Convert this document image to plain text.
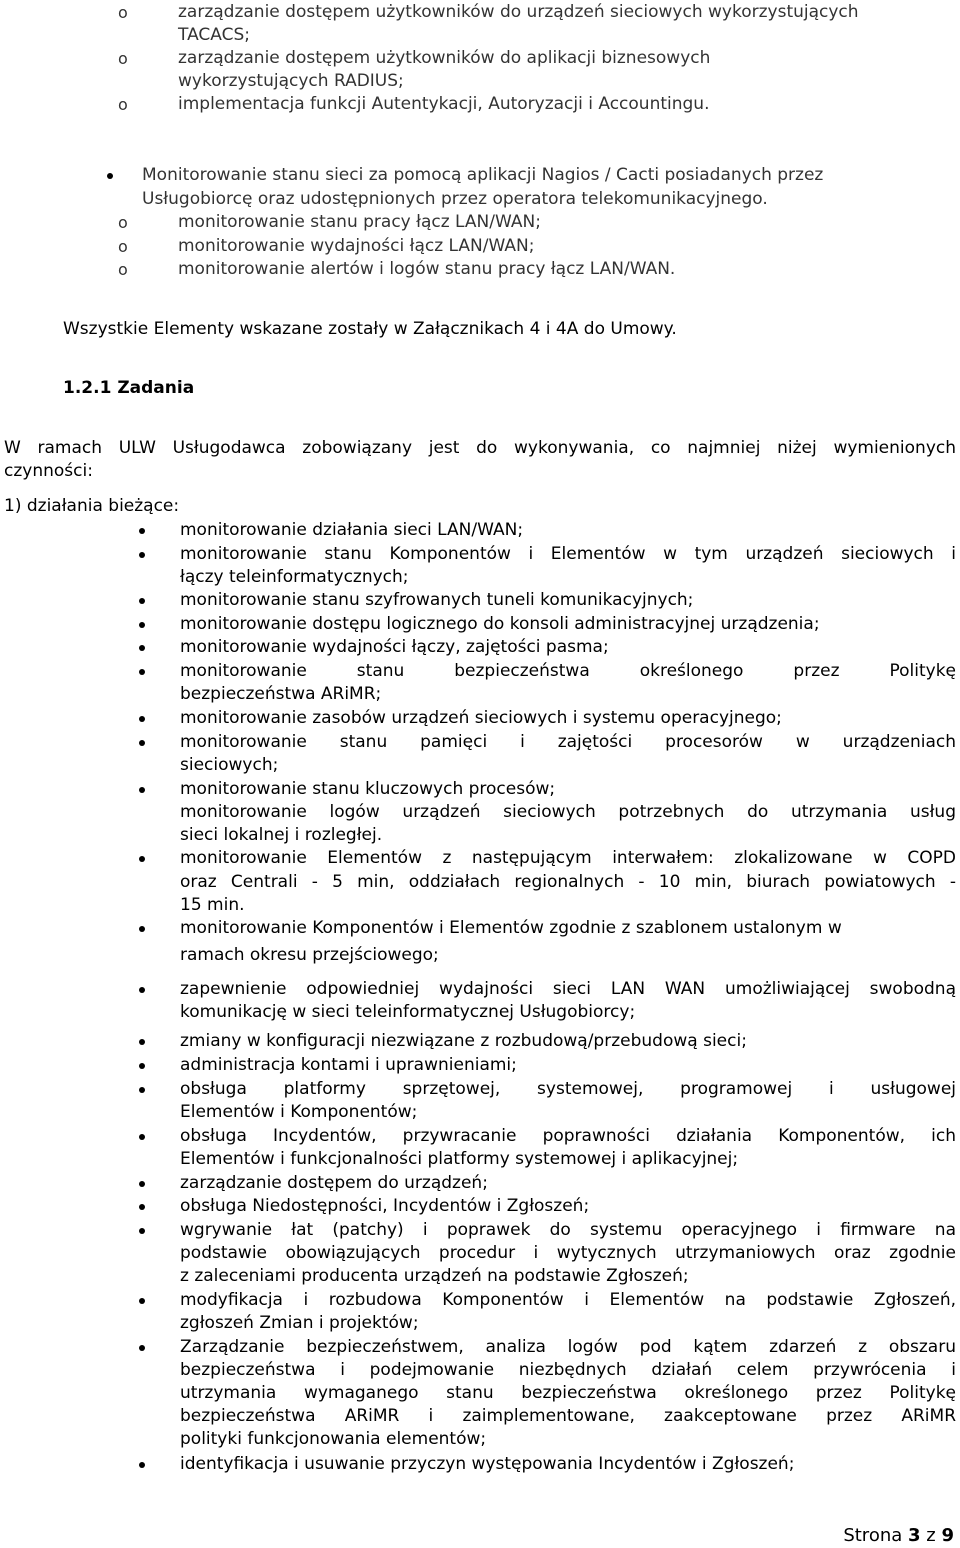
o	zarządzanie dostępem użytkowników do urządzeń sieciowych wykorzystujących
TACACS;
o	zarządzanie dostępem użytkowników do aplikacji biznesowych
wykorzystujących RADIUS;
o	implementacja funkcji Autentykacji, Autoryzacji i Accountingu.
Monitorowanie stanu sieci za pomocą aplikacji Nagios / Cacti posiadanych przez
Usługobiorcę oraz udostępnionych przez operatora telekomunikacyjnego.
o	monitorowanie stanu pracy łącz LAN/WAN;
o	monitorowanie wydajności łącz LAN/WAN;
o	monitorowanie alertów i logów stanu pracy łącz LAN/WAN.
Wszystkie Elementy wskazane zostały w Załącznikach 4 i 4A do Umowy.
1.2.1 Zadania
W ramach ULW Usługodawca zobowiązany jest do wykonywania, co najmniej niżej wymienionych
czynności:
1) działania bieżące:
monitorowanie działania sieci LAN/WAN;
monitorowanie stanu Komponentów i Elementów w tym urządzeń sieciowych i
łączy teleinformatycznych;
monitorowanie stanu szyfrowanych tuneli komunikacyjnych;
monitorowanie dostępu logicznego do konsoli administracyjnej urządzenia;
monitorowanie wydajności łączy, zajętości pasma;
monitorowanie stanu bezpieczeństwa określonego przez Politykę
bezpieczeństwa ARiMR;
monitorowanie zasobów urządzeń sieciowych i systemu operacyjnego;
monitorowanie stanu pamięci i zajętości procesorów w urządzeniach
sieciowych;
monitorowanie stanu kluczowych procesów;
monitorowanie logów urządzeń sieciowych potrzebnych do utrzymania usług
sieci lokalnej i rozległej.
monitorowanie Elementów z następującym interwałem: zlokalizowane w COPD
oraz Centrali - 5 min, oddziałach regionalnych - 10 min, biurach powiatowych -
15 min.
monitorowanie Komponentów i Elementów zgodnie z szablonem ustalonym w
ramach okresu przejściowego;
zapewnienie odpowiedniej wydajności sieci LAN WAN umożliwiającej swobodną
komunikację w sieci teleinformatycznej Usługobiorcy;
zmiany w konfiguracji niezwiązane z rozbudową/przebudową sieci;
administracja kontami i uprawnieniami;
obsługa platformy sprzętowej, systemowej, programowej i usługowej
Elementów i Komponentów;
obsługa Incydentów, przywracanie poprawności działania Komponentów, ich
Elementów i funkcjonalności platformy systemowej i aplikacyjnej;
zarządzanie dostępem do urządzeń;
obsługa Niedostępności, Incydentów i Zgłoszeń;
wgrywanie łat (patchy) i poprawek do systemu operacyjnego i firmware na
podstawie obowiązujących procedur i wytycznych utrzymaniowych oraz zgodnie
z zaleceniami producenta urządzeń na podstawie Zgłoszeń;
modyfikacja i rozbudowa Komponentów i Elementów na podstawie Zgłoszeń,
zgłoszeń Zmian i projektów;
Zarządzanie bezpieczeństwem, analiza logów pod kątem zdarzeń z obszaru
bezpieczeństwa i podejmowanie niezbędnych działań celem przywrócenia i
utrzymania wymaganego stanu bezpieczeństwa określonego przez Politykę
bezpieczeństwa ARiMR i zaimplementowane, zaakceptowane przez ARiMR
polityki funkcjonowania elementów;
identyfikacja i usuwanie przyczyn występowania Incydentów i Zgłoszeń;
Strona 3 z 9
